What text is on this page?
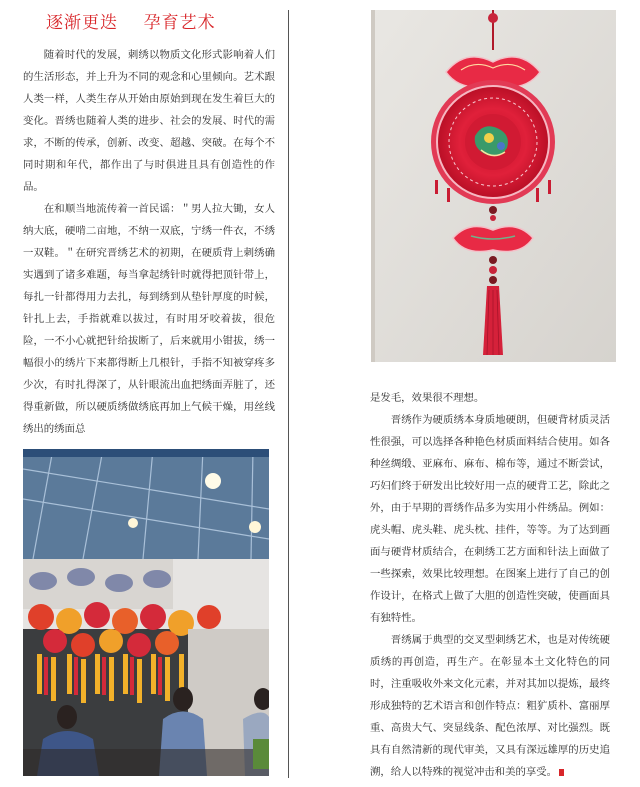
逐渐更迭    孕育艺术

随着时代的发展，刺绣以物质文化形式影响着人们的生活形态，并上升为不同的观念和心里倾向。艺术跟人类一样，人类生存从开始由原始到现在发生着巨大的变化。晋绣也随着人类的进步、社会的发展、时代的需求，不断的传承，创新、改变、超越、突破。在每个不同时期和年代，都作出了与时俱进且具有创造性的作品。

在和顺当地流传着一首民谣：＂男人拉大锄，女人纳大底，硬啃二亩地，不纳一双底，宁绣一件衣，不绣一双鞋。＂在研究晋绣艺术的初期，在硬质背上刺绣确实遇到了诸多难题，每当拿起绣针时就得把顶针带上，每扎一针都得用力去扎，每到绣到从垫针厚度的时候，针扎上去，手指就难以拔过，有时用牙咬着拔，很危险，一不小心就把针给拔断了，后来就用小钳拔，绣一幅很小的绣片下来都得断上几根针，手指不知被穿疼多少次，有时扎得深了，从针眼流出血把绣面弄脏了，还得重新做，所以硬质绣做绣底再加上气候干燥，用丝线绣出的绣面总

是发毛，效果很不理想。

晋绣作为硬质绣本身质地硬朗，但硬背材质灵活性很强，可以选择各种艳色材质面料结合使用。如各种丝绸缎、亚麻布、麻布、棉布等，通过不断尝试，巧妇们终于研发出比较好用一点的硬背工艺，除此之外，由于早期的晋绣作品多为实用小件绣品。例如：虎头帽、虎头鞋、虎头枕、挂件，等等。为了达到画面与硬背材质结合，在刺绣工艺方面和针法上面做了一些探索，效果比较理想。在图案上进行了自己的创作设计，在格式上做了大胆的创造性突破，使画面具有独特性。

晋绣属于典型的交叉型刺绣艺术，也是对传统硬质绣的再创造，再生产。在彰显本土文化特色的同时，注重吸收外来文化元素，并对其加以提炼，最终形成独特的艺术语言和创作特点：粗犷质朴、富丽厚重、高贵大气、突显线条、配色浓厚、对比强烈。既具有自然清新的现代审美，又具有深远雄厚的历史追溯，给人以特殊的视觉冲击和美的享受。
